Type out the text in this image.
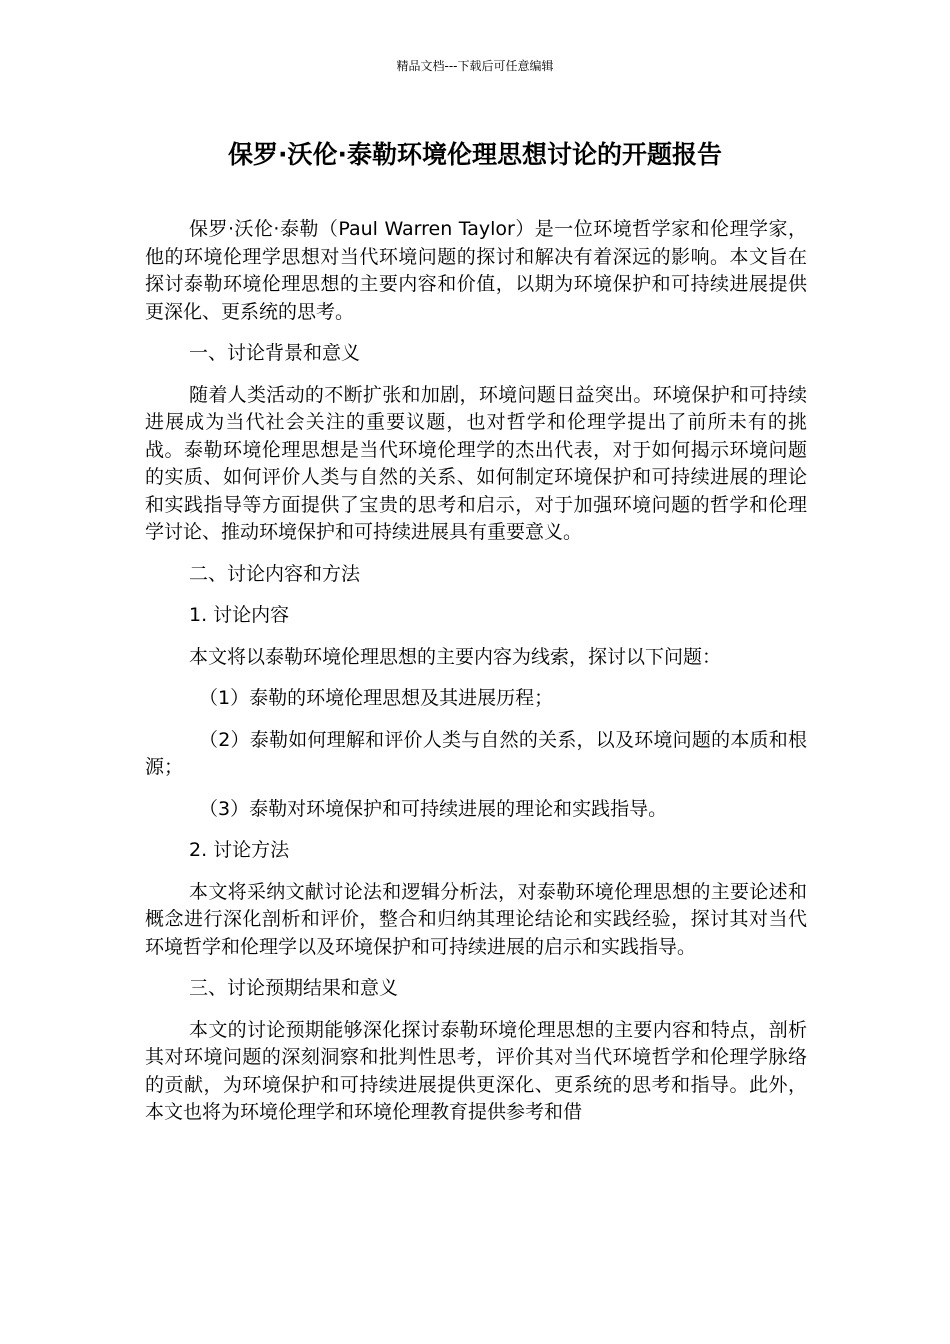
精品文档---下载后可任意编辑
保罗·沃伦·泰勒环境伦理思想讨论的开题报告

保罗·沃伦·泰勒（Paul Warren Taylor）是一位环境哲学家和伦理学家，他的环境伦理学思想对当代环境问题的探讨和解决有着深远的影响。本文旨在探讨泰勒环境伦理思想的主要内容和价值，以期为环境保护和可持续进展提供更深化、更系统的思考。

一、讨论背景和意义

随着人类活动的不断扩张和加剧，环境问题日益突出。环境保护和可持续进展成为当代社会关注的重要议题，也对哲学和伦理学提出了前所未有的挑战。泰勒环境伦理思想是当代环境伦理学的杰出代表，对于如何揭示环境问题的实质、如何评价人类与自然的关系、如何制定环境保护和可持续进展的理论和实践指导等方面提供了宝贵的思考和启示，对于加强环境问题的哲学和伦理学讨论、推动环境保护和可持续进展具有重要意义。

二、讨论内容和方法

1. 讨论内容

本文将以泰勒环境伦理思想的主要内容为线索，探讨以下问题：

（1）泰勒的环境伦理思想及其进展历程；

（2）泰勒如何理解和评价人类与自然的关系，以及环境问题的本质和根源；

（3）泰勒对环境保护和可持续进展的理论和实践指导。

2. 讨论方法

本文将采纳文献讨论法和逻辑分析法，对泰勒环境伦理思想的主要论述和概念进行深化剖析和评价，整合和归纳其理论结论和实践经验，探讨其对当代环境哲学和伦理学以及环境保护和可持续进展的启示和实践指导。

三、讨论预期结果和意义

本文的讨论预期能够深化探讨泰勒环境伦理思想的主要内容和特点，剖析其对环境问题的深刻洞察和批判性思考，评价其对当代环境哲学和伦理学脉络的贡献，为环境保护和可持续进展提供更深化、更系统的思考和指导。此外，本文也将为环境伦理学和环境伦理教育提供参考和借
